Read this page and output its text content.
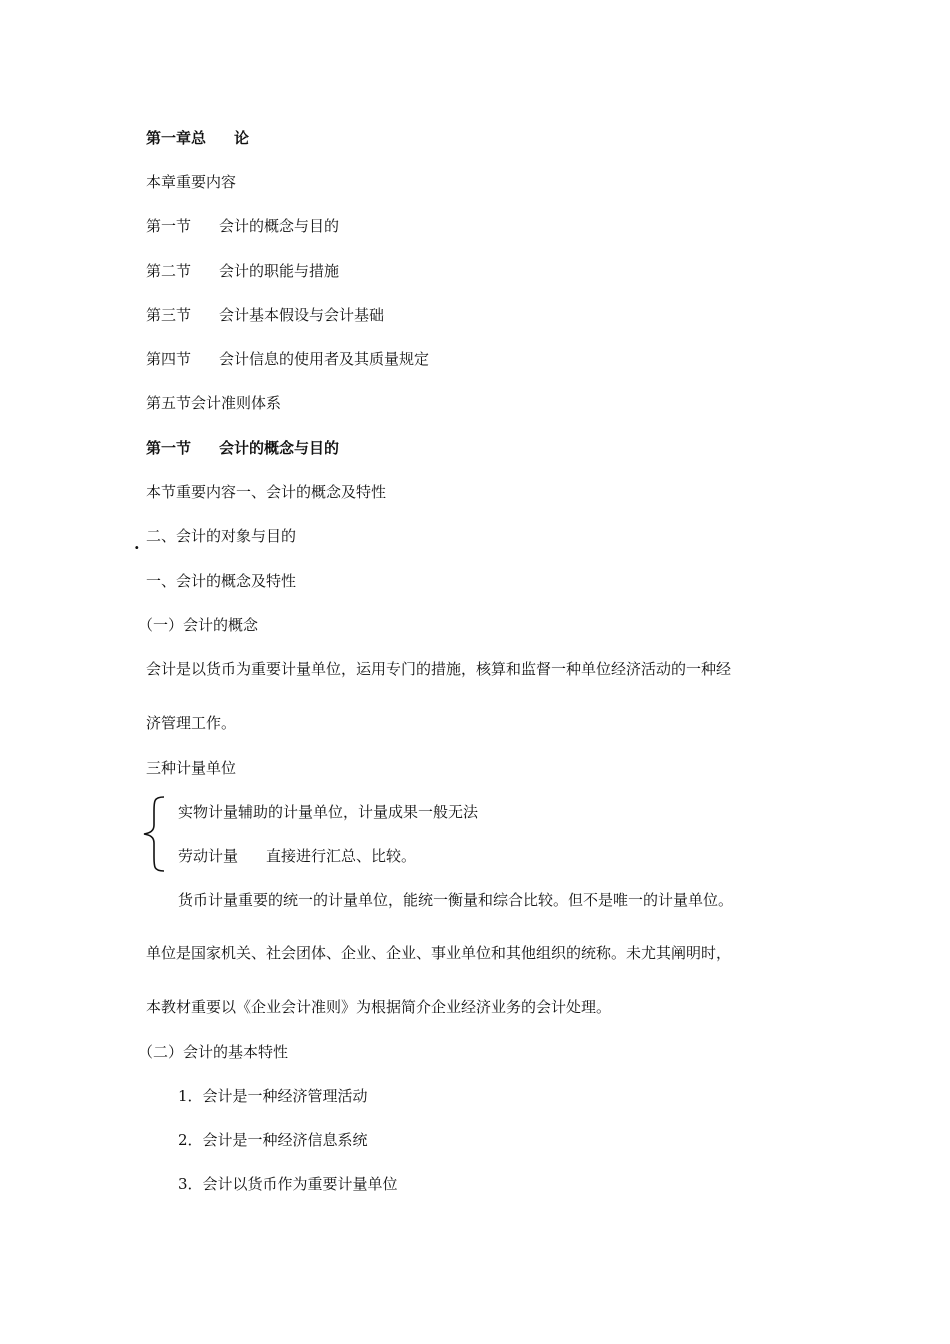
第一章总 论
本章重要内容
第一节 会计的概念与目的
第二节 会计的职能与措施
第三节 会计基本假设与会计基础
第四节 会计信息的使用者及其质量规定
第五节会计准则体系
第一节 会计的概念与目的
本节重要内容一、会计的概念及特性
. 二、会计的对象与目的
一、会计的概念及特性
（一）会计的概念
会计是以货币为重要计量单位，运用专门的措施，核算和监督一种单位经济活动的一种经
济管理工作。
三种计量单位
实物计量辅助的计量单位，计量成果一般无法
劳动计量 直接进行汇总、比较。
货币计量重要的统一的计量单位，能统一衡量和综合比较。但不是唯一的计量单位。
单位是国家机关、社会团体、企业、企业、事业单位和其他组织的统称。未尤其阐明时，
本教材重要以《企业会计准则》为根据简介企业经济业务的会计处理。
（二）会计的基本特性
1．会计是一种经济管理活动
2．会计是一种经济信息系统
3．会计以货币作为重要计量单位
